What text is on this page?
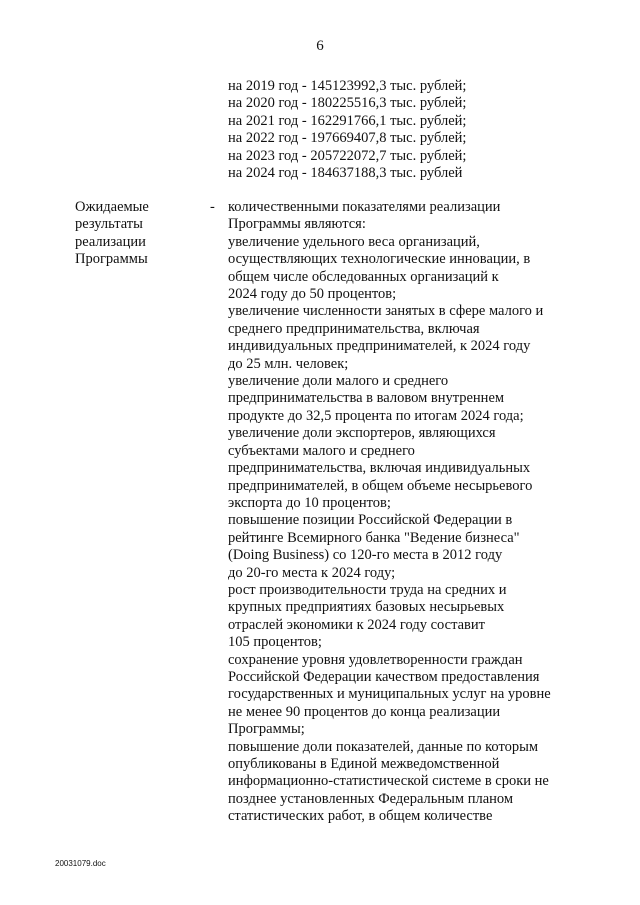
6
на 2019 год - 145123992,3 тыс. рублей;
на 2020 год - 180225516,3 тыс. рублей;
на 2021 год - 162291766,1 тыс. рублей;
на 2022 год - 197669407,8 тыс. рублей;
на 2023 год - 205722072,7 тыс. рублей;
на 2024 год - 184637188,3 тыс. рублей
Ожидаемые
результаты
реализации
Программы
- количественными показателями реализации
Программы являются:
увеличение удельного веса организаций,
осуществляющих технологические инновации, в
общем числе обследованных организаций к
2024 году до 50 процентов;
увеличение численности занятых в сфере малого и
среднего предпринимательства, включая
индивидуальных предпринимателей, к 2024 году
до 25 млн. человек;
увеличение доли малого и среднего
предпринимательства в валовом внутреннем
продукте до 32,5 процента по итогам 2024 года;
увеличение доли экспортеров, являющихся
субъектами малого и среднего
предпринимательства, включая индивидуальных
предпринимателей, в общем объеме несырьевого
экспорта до 10 процентов;
повышение позиции Российской Федерации в
рейтинге Всемирного банка "Ведение бизнеса"
(Doing Business) со 120-го места в 2012 году
до 20-го места к 2024 году;
рост производительности труда на средних и
крупных предприятиях базовых несырьевых
отраслей экономики к 2024 году составит
105 процентов;
сохранение уровня удовлетворенности граждан
Российской Федерации качеством предоставления
государственных и муниципальных услуг на уровне
не менее 90 процентов до конца реализации
Программы;
повышение доли показателей, данные по которым
опубликованы в Единой межведомственной
информационно-статистической системе в сроки не
позднее установленных Федеральным планом
статистических работ, в общем количестве
20031079.doc
